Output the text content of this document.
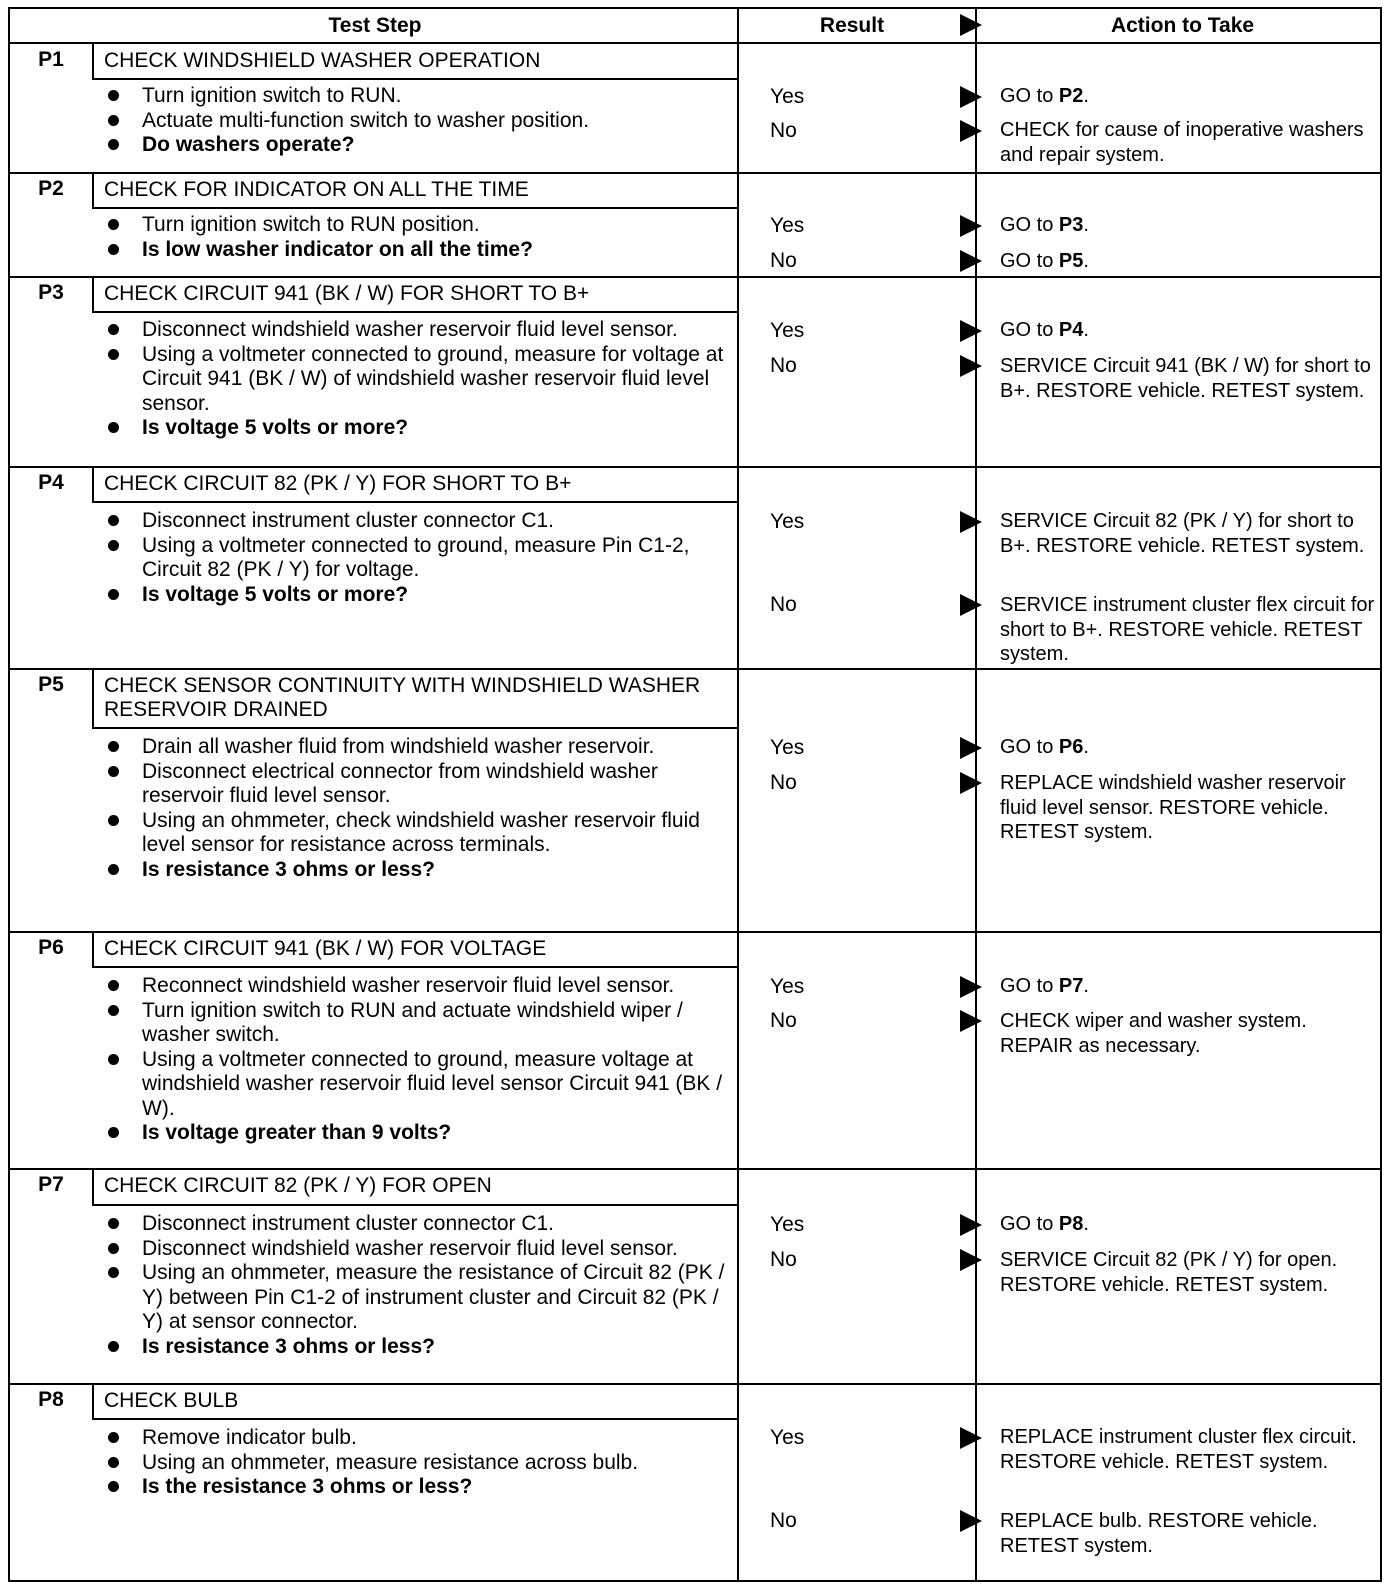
Test Step	Result	Action to Take
P1	CHECK WINDSHIELD WASHER OPERATION
Turn ignition switch to RUN.
Actuate multi-function switch to washer position.
Do washers operate?
Yes	GO to P2.
No	CHECK for cause of inoperative washers and repair system.
P2	CHECK FOR INDICATOR ON ALL THE TIME
Turn ignition switch to RUN position.
Is low washer indicator on all the time?
Yes	GO to P3.
No	GO to P5.
P3	CHECK CIRCUIT 941 (BK / W) FOR SHORT TO B+
Disconnect windshield washer reservoir fluid level sensor.
Using a voltmeter connected to ground, measure for voltage at Circuit 941 (BK / W) of windshield washer reservoir fluid level sensor.
Is voltage 5 volts or more?
Yes	GO to P4.
No	SERVICE Circuit 941 (BK / W) for short to B+. RESTORE vehicle. RETEST system.
P4	CHECK CIRCUIT 82 (PK / Y) FOR SHORT TO B+
Disconnect instrument cluster connector C1.
Using a voltmeter connected to ground, measure Pin C1-2, Circuit 82 (PK / Y) for voltage.
Is voltage 5 volts or more?
Yes	SERVICE Circuit 82 (PK / Y) for short to B+. RESTORE vehicle. RETEST system.
No	SERVICE instrument cluster flex circuit for short to B+. RESTORE vehicle. RETEST system.
P5	CHECK SENSOR CONTINUITY WITH WINDSHIELD WASHER RESERVOIR DRAINED
Drain all washer fluid from windshield washer reservoir.
Disconnect electrical connector from windshield washer reservoir fluid level sensor.
Using an ohmmeter, check windshield washer reservoir fluid level sensor for resistance across terminals.
Is resistance 3 ohms or less?
Yes	GO to P6.
No	REPLACE windshield washer reservoir fluid level sensor. RESTORE vehicle. RETEST system.
P6	CHECK CIRCUIT 941 (BK / W) FOR VOLTAGE
Reconnect windshield washer reservoir fluid level sensor.
Turn ignition switch to RUN and actuate windshield wiper / washer switch.
Using a voltmeter connected to ground, measure voltage at windshield washer reservoir fluid level sensor Circuit 941 (BK / W).
Is voltage greater than 9 volts?
Yes	GO to P7.
No	CHECK wiper and washer system. REPAIR as necessary.
P7	CHECK CIRCUIT 82 (PK / Y) FOR OPEN
Disconnect instrument cluster connector C1.
Disconnect windshield washer reservoir fluid level sensor.
Using an ohmmeter, measure the resistance of Circuit 82 (PK / Y) between Pin C1-2 of instrument cluster and Circuit 82 (PK / Y) at sensor connector.
Is resistance 3 ohms or less?
Yes	GO to P8.
No	SERVICE Circuit 82 (PK / Y) for open. RESTORE vehicle. RETEST system.
P8	CHECK BULB
Remove indicator bulb.
Using an ohmmeter, measure resistance across bulb.
Is the resistance 3 ohms or less?
Yes	REPLACE instrument cluster flex circuit. RESTORE vehicle. RETEST system.
No	REPLACE bulb. RESTORE vehicle. RETEST system.
